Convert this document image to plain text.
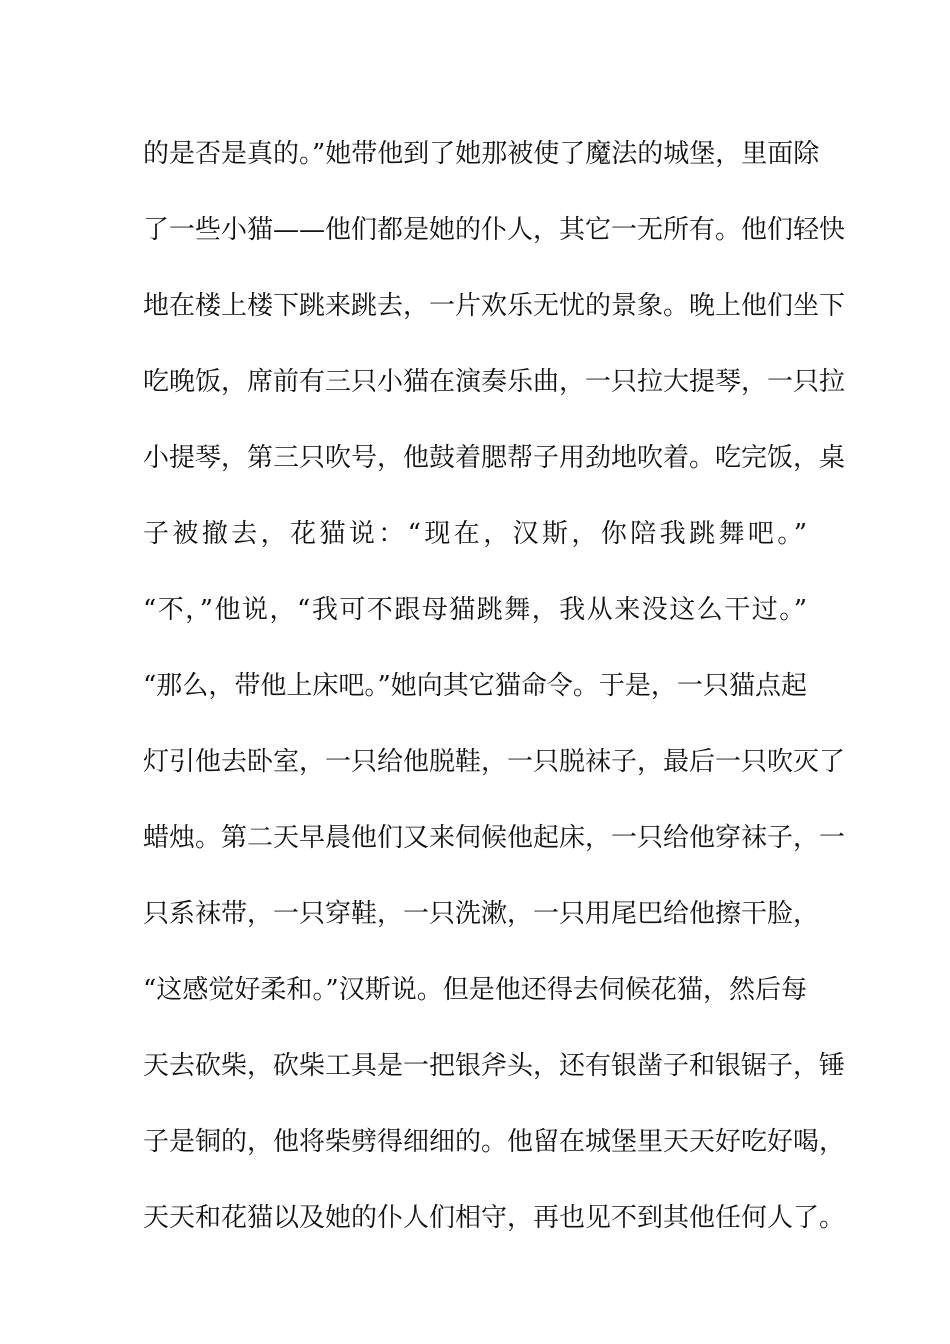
的是否是真的。”她带他到了她那被使了魔法的城堡，里面除
了一些小猫——他们都是她的仆人，其它一无所有。他们轻快
地在楼上楼下跳来跳去，一片欢乐无忧的景象。晚上他们坐下
吃晚饭，席前有三只小猫在演奏乐曲，一只拉大提琴，一只拉
小提琴，第三只吹号，他鼓着腮帮子用劲地吹着。吃完饭，桌
子被撤去，花猫说：“现在，汉斯，你陪我跳舞吧。”
“不，”他说，“我可不跟母猫跳舞，我从来没这么干过。”
“那么，带他上床吧。”她向其它猫命令。于是，一只猫点起
灯引他去卧室，一只给他脱鞋，一只脱袜子，最后一只吹灭了
蜡烛。第二天早晨他们又来伺候他起床，一只给他穿袜子，一
只系袜带，一只穿鞋，一只洗漱，一只用尾巴给他擦干脸，
“这感觉好柔和。”汉斯说。但是他还得去伺候花猫，然后每
天去砍柴，砍柴工具是一把银斧头，还有银凿子和银锯子，锤
子是铜的，他将柴劈得细细的。他留在城堡里天天好吃好喝，
天天和花猫以及她的仆人们相守，再也见不到其他任何人了。
